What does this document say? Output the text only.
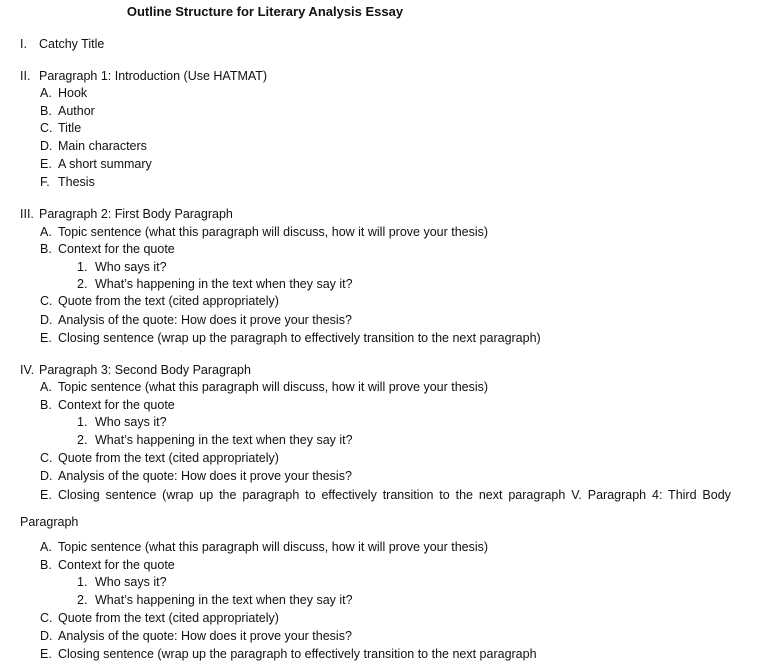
Outline Structure for Literary Analysis Essay
I. Catchy Title
II. Paragraph 1: Introduction (Use HATMAT)
A. Hook
B. Author
C. Title
D. Main characters
E. A short summary
F. Thesis
III. Paragraph 2: First Body Paragraph
A. Topic sentence (what this paragraph will discuss, how it will prove your thesis)
B. Context for the quote
1. Who says it?
2. What’s happening in the text when they say it?
C. Quote from the text (cited appropriately)
D. Analysis of the quote: How does it prove your thesis?
E. Closing sentence (wrap up the paragraph to effectively transition to the next paragraph)
IV. Paragraph 3: Second Body Paragraph
A. Topic sentence (what this paragraph will discuss, how it will prove your thesis)
B. Context for the quote
1. Who says it?
2. What’s happening in the text when they say it?
C. Quote from the text (cited appropriately)
D. Analysis of the quote: How does it prove your thesis?
E. Closing sentence (wrap up the paragraph to effectively transition to the next paragraph V. Paragraph 4: Third Body
Paragraph
A. Topic sentence (what this paragraph will discuss, how it will prove your thesis)
B. Context for the quote
1. Who says it?
2. What’s happening in the text when they say it?
C. Quote from the text (cited appropriately)
D. Analysis of the quote: How does it prove your thesis?
E. Closing sentence (wrap up the paragraph to effectively transition to the next paragraph
